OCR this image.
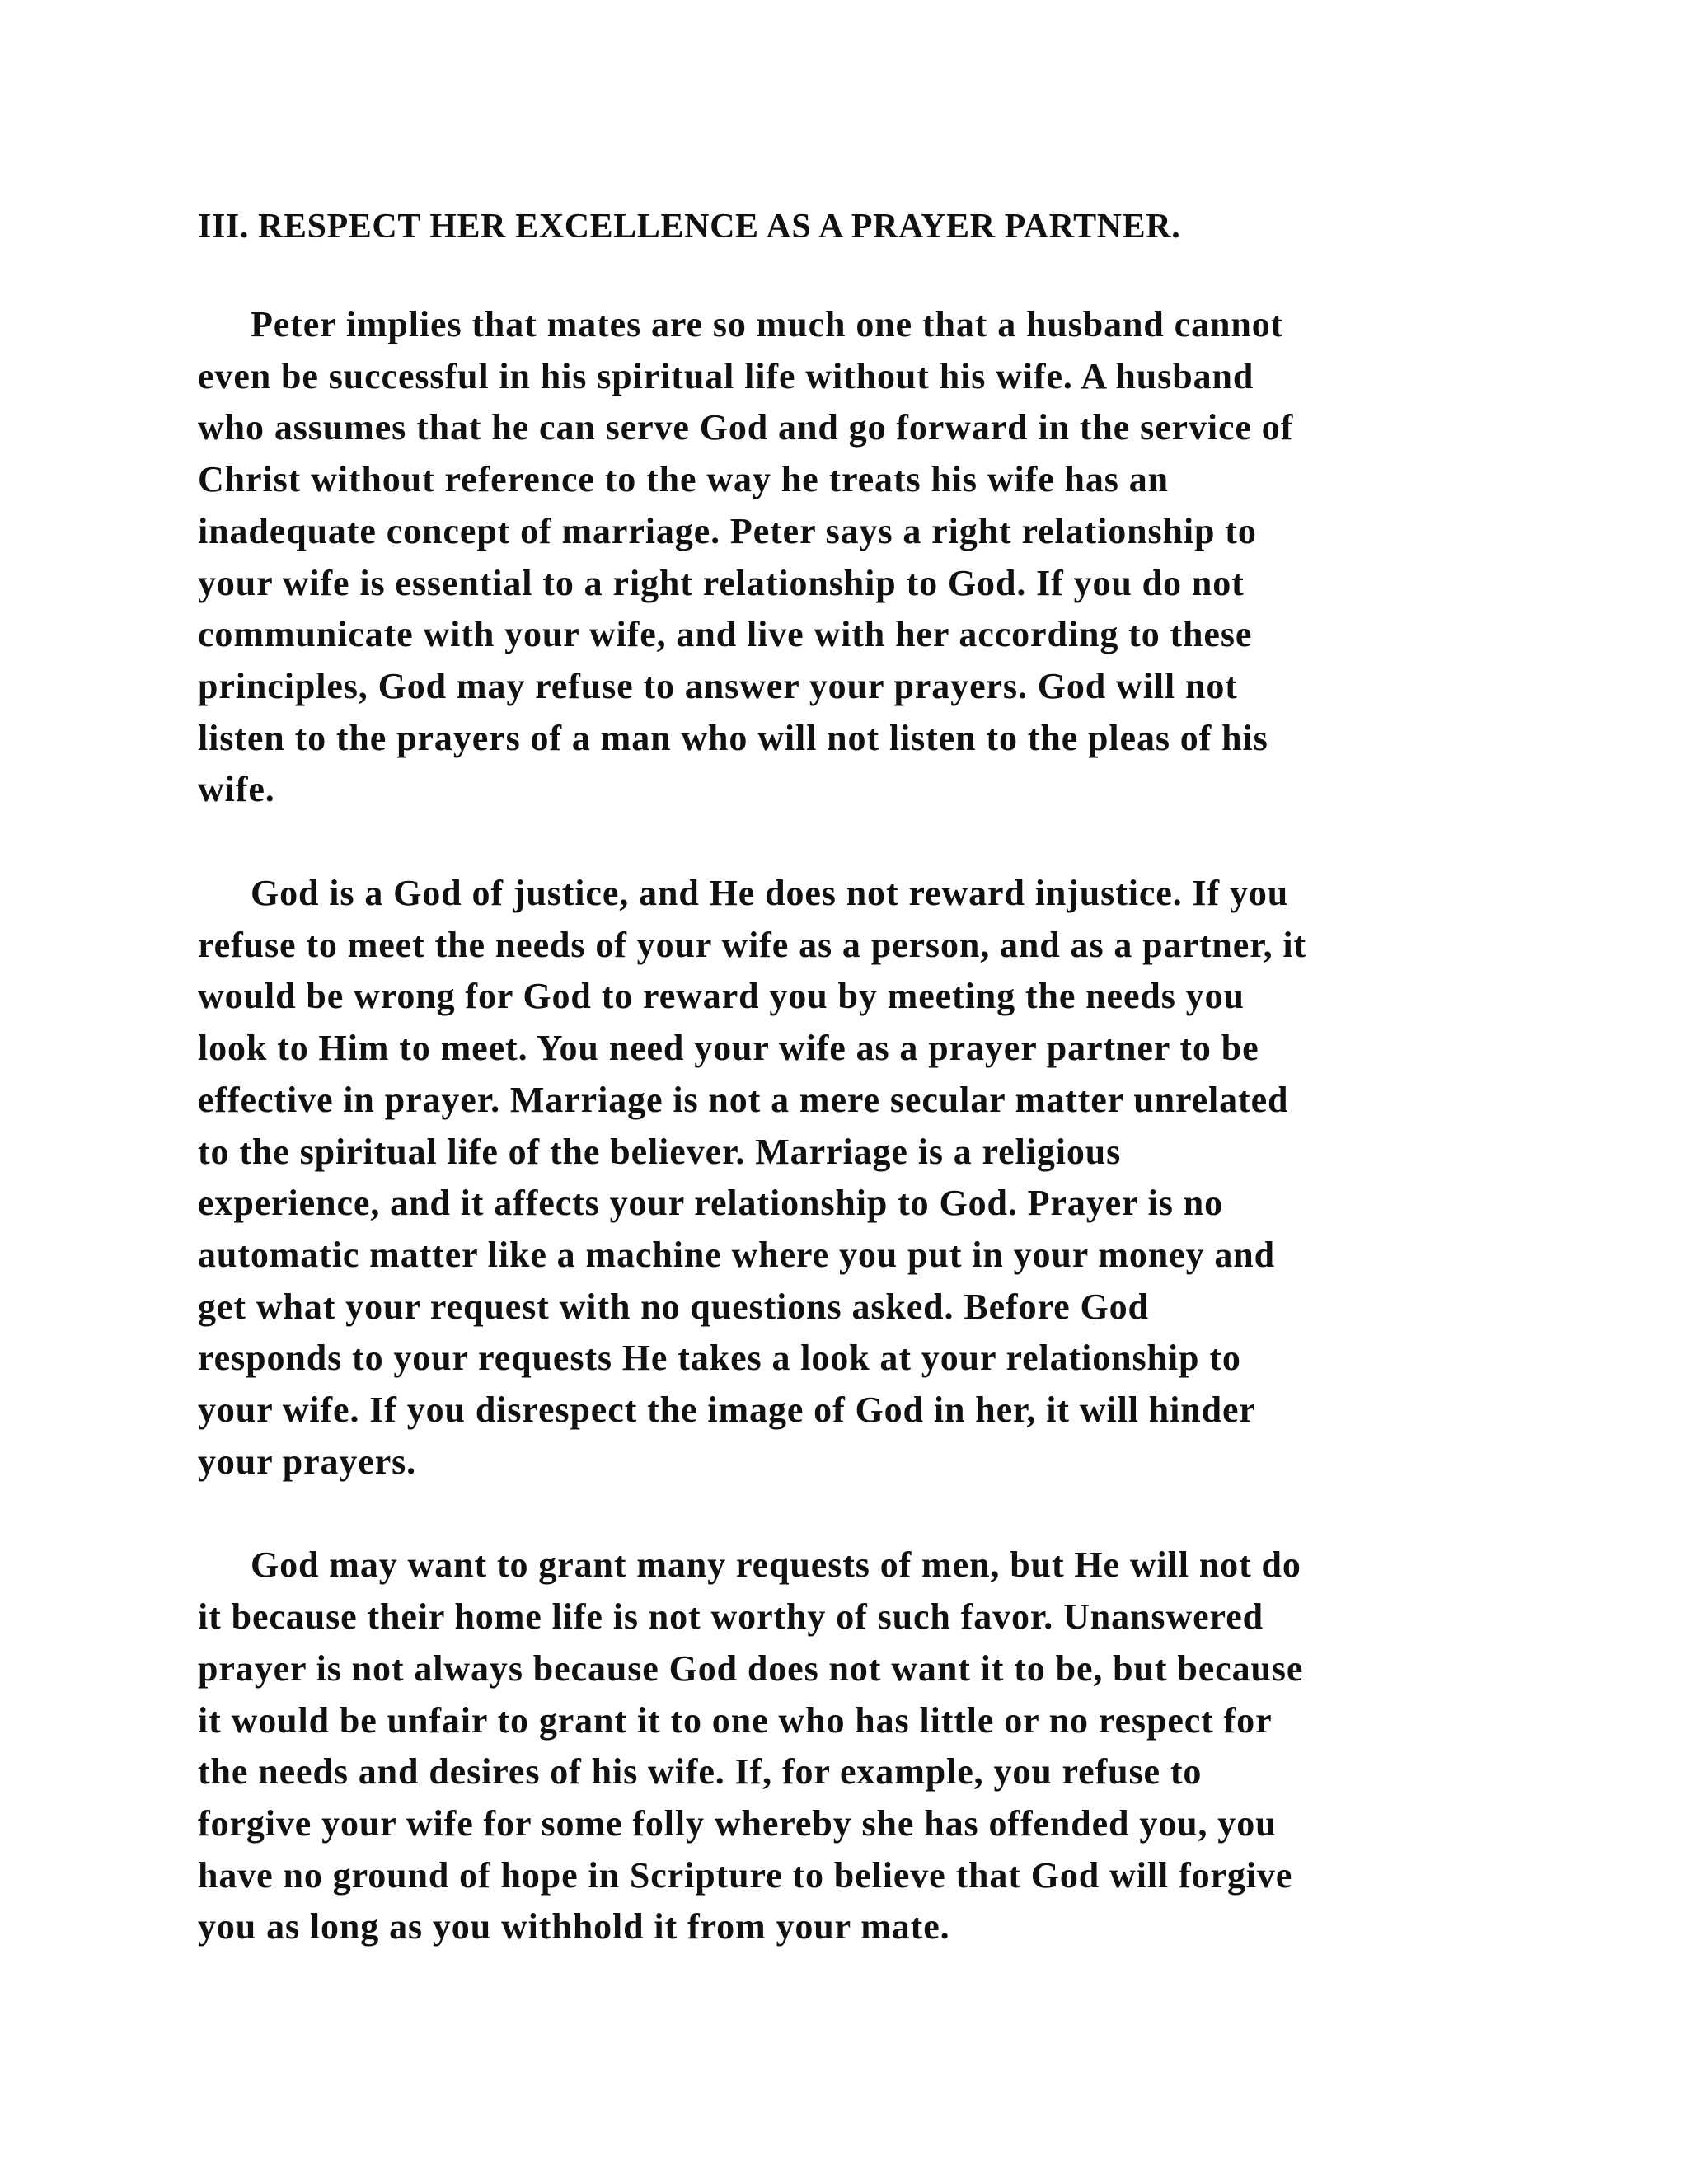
III. RESPECT HER EXCELLENCE AS A PRAYER PARTNER.
Peter implies that mates are so much one that a husband cannot
even be successful in his spiritual life without his wife. A husband
who assumes that he can serve God and go forward in the service of
Christ without reference to the way he treats his wife has an
inadequate concept of marriage. Peter says a right relationship to
your wife is essential to a right relationship to God. If you do not
communicate with your wife, and live with her according to these
principles, God may refuse to answer your prayers. God will not
listen to the prayers of a man who will not listen to the pleas of his
wife.
God is a God of justice, and He does not reward injustice. If you
refuse to meet the needs of your wife as a person, and as a partner, it
would be wrong for God to reward you by meeting the needs you
look to Him to meet. You need your wife as a prayer partner to be
effective in prayer. Marriage is not a mere secular matter unrelated
to the spiritual life of the believer. Marriage is a religious
experience, and it affects your relationship to God. Prayer is no
automatic matter like a machine where you put in your money and
get what your request with no questions asked. Before God
responds to your requests He takes a look at your relationship to
your wife. If you disrespect the image of God in her, it will hinder
your prayers.
God may want to grant many requests of men, but He will not do
it because their home life is not worthy of such favor. Unanswered
prayer is not always because God does not want it to be, but because
it would be unfair to grant it to one who has little or no respect for
the needs and desires of his wife. If, for example, you refuse to
forgive your wife for some folly whereby she has offended you, you
have no ground of hope in Scripture to believe that God will forgive
you as long as you withhold it from your mate.
